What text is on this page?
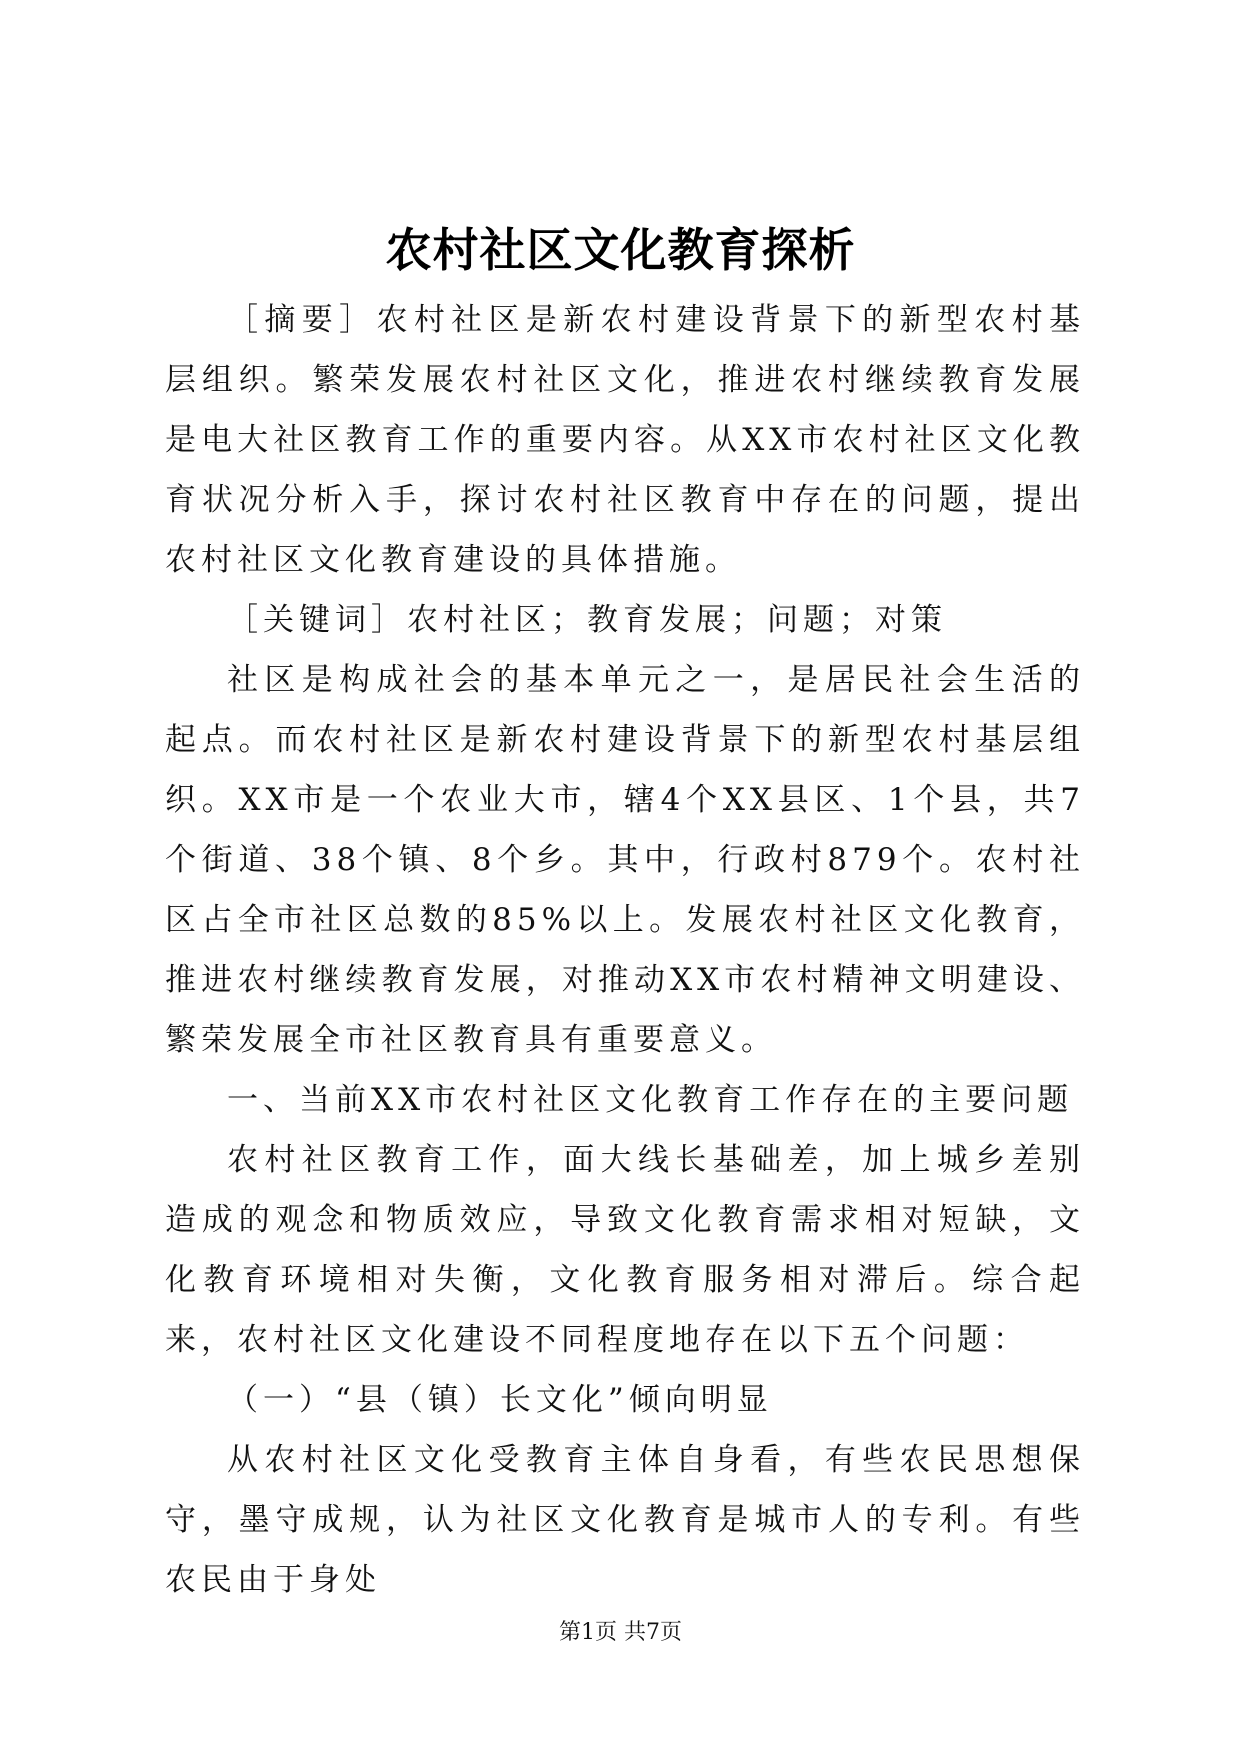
农村社区文化教育探析

［摘要］农村社区是新农村建设背景下的新型农村基层组织。繁荣发展农村社区文化，推进农村继续教育发展是电大社区教育工作的重要内容。从XX市农村社区文化教育状况分析入手，探讨农村社区教育中存在的问题，提出农村社区文化教育建设的具体措施。

［关键词］农村社区；教育发展；问题；对策

社区是构成社会的基本单元之一，是居民社会生活的起点。而农村社区是新农村建设背景下的新型农村基层组织。XX市是一个农业大市，辖4个XX县区、1个县，共7个街道、38个镇、8个乡。其中，行政村879个。农村社区占全市社区总数的85%以上。发展农村社区文化教育，推进农村继续教育发展，对推动XX市农村精神文明建设、繁荣发展全市社区教育具有重要意义。

一、当前XX市农村社区文化教育工作存在的主要问题

农村社区教育工作，面大线长基础差，加上城乡差别造成的观念和物质效应，导致文化教育需求相对短缺，文化教育环境相对失衡，文化教育服务相对滞后。综合起来，农村社区文化建设不同程度地存在以下五个问题：

（一）“县（镇）长文化”倾向明显

从农村社区文化受教育主体自身看，有些农民思想保守，墨守成规，认为社区文化教育是城市人的专利。有些农民由于身处

第1页 共7页
